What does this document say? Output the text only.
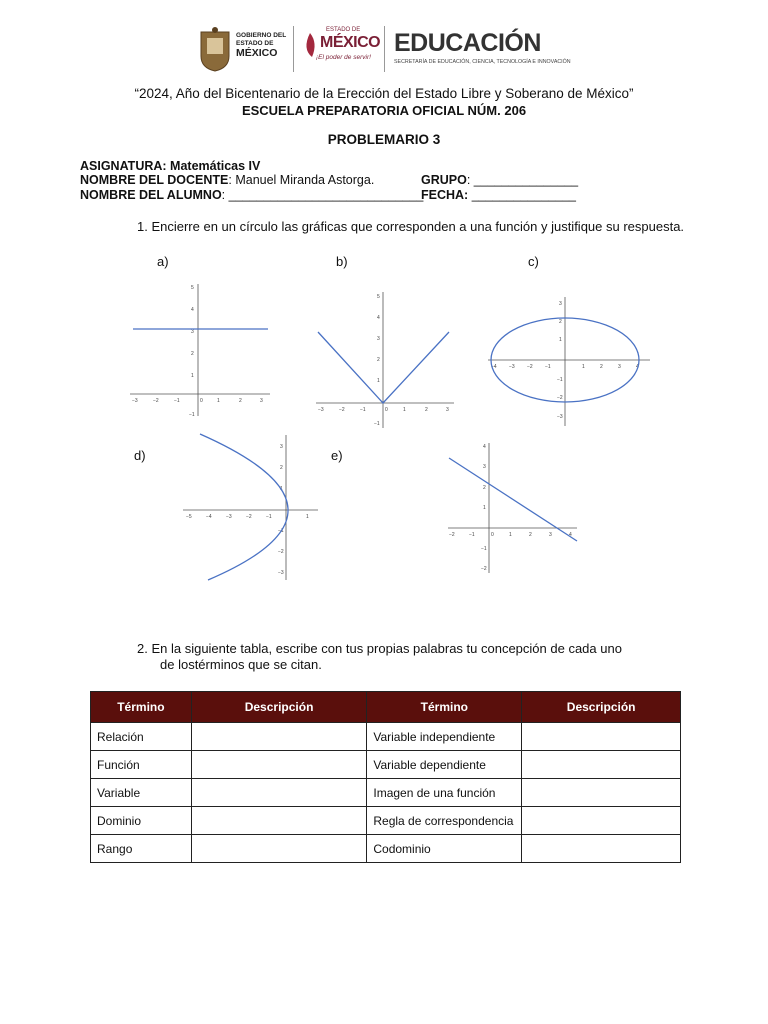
GOBIERNO DEL
ESTADO DE
MÉXICO
ESTADO DE
MÉXICO
¡El poder de servir!
EDUCACIÓN
SECRETARÍA DE EDUCACIÓN, CIENCIA, TECNOLOGÍA E INNOVACIÓN
“2024, Año del Bicentenario de la Erección del Estado Libre y Soberano de México”
ESCUELA PREPARATORIA OFICIAL NÚM. 206
PROBLEMARIO 3
ASIGNATURA: Matemáticas IV
NOMBRE DEL DOCENTE: Manuel Miranda Astorga.
NOMBRE DEL ALUMNO: ____________________________
GRUPO: _______________
FECHA: _______________
1. Encierre en un círculo las gráficas que corresponden a una función y justifique su respuesta.
a)	b)	c)
d)	e)
−3	−2	−1	0	1	2	3
5
4
3
2
1
−1
−3	−2	−1	0	1	2	3
5
4
3
2
1
−1
−4 −3 −2 −1	1	2	3	4
3
2
1
−1
−2
−3
−5	−4	−3	−2	−1	1
3
2
1
−1
−2
−3
−2	−1	0	1	2	3	4
4
3
2
1
−1
−2
2. En la siguiente tabla, escribe con tus propias palabras tu concepción de cada uno
de lostérminos que se citan.
Término	Descripción	Término	Descripción
Relación		Variable independiente	
Función		Variable dependiente	
Variable		Imagen de una función	
Dominio		Regla de correspondencia	
Rango		Codominio	
